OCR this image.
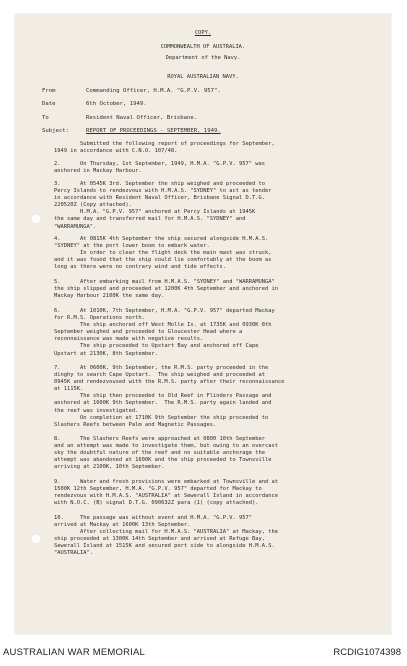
COPY.
COMMONWEALTH OF AUSTRALIA.
Department of the Navy.
ROYAL AUSTRALIAN NAVY.
From	Commanding Officer, H.M.A. "G.P.V. 957".
Date	6th October, 1949.
To	Resident Naval Officer, Brisbane.
Subject:	REPORT OF PROCEEDINGS - SEPTEMBER, 1949.
Submitted the following report of proceedings for September,
1949 in accordance with C.N.O. 107/48.
2.      On Thursday, 1st September, 1949, H.M.A. "G.P.V. 957" was
anchored in Mackay Harbour.
3.      At 0545K 3rd. September the ship weighed and proceeded to
Percy Islands to rendezvous with H.M.A.S. "SYDNEY" to act as tender
in accordance with Resident Naval Officer, Brisbane Signal D.T.G.
220520Z (Copy attached).
H.M.A. "G.P.V. 957" anchored at Percy Islands at 1945K
the same day and transferred mail for H.M.A.S. "SYDNEY" and
"WARRAMUNGA".
4.      At 0815K 4th September the ship secured alongside H.M.A.S.
"SYDNEY" at the port lower boom to embark water.
In order to clear the flight deck the main mast was struck,
and it was found that the ship could lie comfortably at the boom as
long as there were no contrary wind and tide effects.
5.      After embarking mail from H.M.A.S. "SYDNEY" and "WARRAMUNGA"
the ship slipped and proceeded at 1200K 4th September and anchored in
Mackay Harbour 2100K the same day.
6.      At 1010K, 7th September, H.M.A. "G.P.V. 957" departed Mackay
for R.M.S. Operations north.
The ship anchored off West Molle Is. at 1735K and 0930K 8th
September weighed and proceeded to Gloucester Head where a
reconnaissance was made with negative results.
The ship proceeded to Upstart Bay and anchored off Cape
Upstart at 2130K, 8th September.
7.      At 0600K, 9th September, the R.M.S. party proceeded in the
dinghy to search Cape Upstart.  The ship weighed and proceeded at
0945K and rendezvoused with the R.M.S. party after their reconnaissance
at 1115K.
The ship then proceeded to Old Reef in Flinders Passage and
anchored at 1600K 9th September.  The R.M.S. party again landed and
the reef was investigated.
On completion at 1710K 9th September the ship proceeded to
Slashers Reefs between Palm and Magnetic Passages.
8.      The Slashers Reefs were approached at 0800 10th September
and an attempt was made to investigate them, but owing to an overcast
sky the doubtful nature of the reef and no suitable anchorage the
attempt was abandoned at 1600K and the ship proceeded to Townsville
arriving at 2100K, 10th September.
9.      Water and fresh provisions were embarked at Townsville and at
1500K 12th September, H.M.A. "G.P.V. 957" departed for Mackay to
rendezvous with H.M.A.S. "AUSTRALIA" at Sewerall Island in accordance
with N.O.C. (B) signal D.T.G. 090632Z para (1) (copy attached).
10.     The passage was without event and H.M.A. "G.P.V. 957"
arrived at Mackay at 1600K 13th September.
After collecting mail for H.M.A.S. "AUSTRALIA" at Mackay, the
ship proceeded at 1300K 14th September and arrived at Refuge Bay,
Sewerall Island at 1515K and secured port side to alongside H.M.A.S.
"AUSTRALIA".
AUSTRALIAN WAR MEMORIAL	RCDIG1074398
